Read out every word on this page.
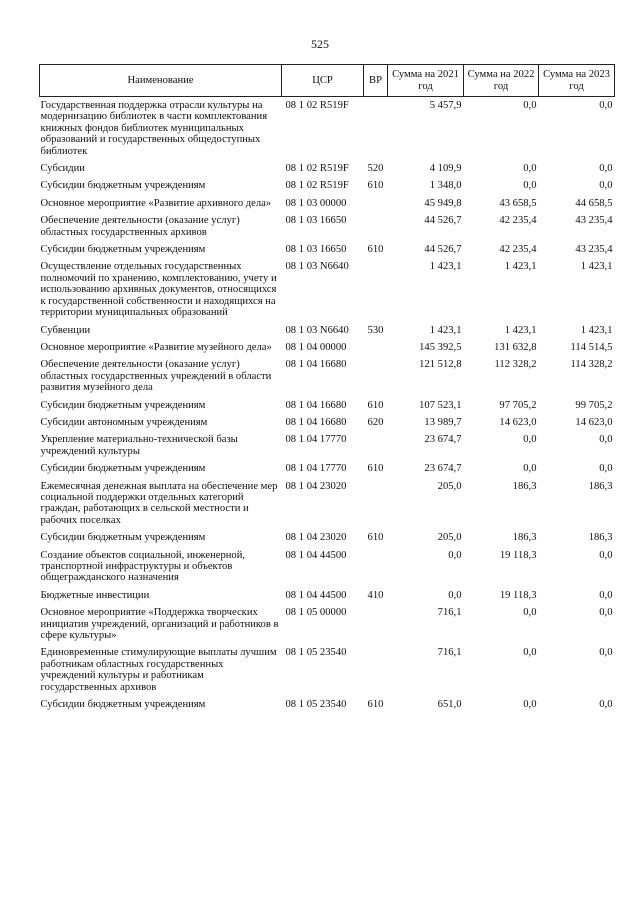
525
Наименование	ЦСР	ВР	Сумма на 2021 год	Сумма на 2022 год	Сумма на 2023 год
Государственная поддержка отрасли культуры на модернизацию библиотек в части комплектования книжных фондов библиотек муниципальных образований и государственных общедоступных библиотек	08 1 02 R519F		5 457,9	0,0	0,0
Субсидии	08 1 02 R519F	520	4 109,9	0,0	0,0
Субсидии бюджетным учреждениям	08 1 02 R519F	610	1 348,0	0,0	0,0
Основное мероприятие «Развитие архивного дела»	08 1 03 00000		45 949,8	43 658,5	44 658,5
Обеспечение деятельности (оказание услуг) областных государственных архивов	08 1 03 16650		44 526,7	42 235,4	43 235,4
Субсидии бюджетным учреждениям	08 1 03 16650	610	44 526,7	42 235,4	43 235,4
Осуществление отдельных государственных полномочий по хранению, комплектованию, учету и использованию архивных документов, относящихся к государственной собственности и находящихся на территории муниципальных образований	08 1 03 N6640		1 423,1	1 423,1	1 423,1
Субвенции	08 1 03 N6640	530	1 423,1	1 423,1	1 423,1
Основное мероприятие «Развитие музейного дела»	08 1 04 00000		145 392,5	131 632,8	114 514,5
Обеспечение деятельности (оказание услуг) областных государственных учреждений в области развития музейного дела	08 1 04 16680		121 512,8	112 328,2	114 328,2
Субсидии бюджетным учреждениям	08 1 04 16680	610	107 523,1	97 705,2	99 705,2
Субсидии автономным учреждениям	08 1 04 16680	620	13 989,7	14 623,0	14 623,0
Укрепление материально-технической базы учреждений культуры	08 1 04 17770		23 674,7	0,0	0,0
Субсидии бюджетным учреждениям	08 1 04 17770	610	23 674,7	0,0	0,0
Ежемесячная денежная выплата на обеспечение мер социальной поддержки отдельных категорий граждан, работающих в сельской местности и рабочих поселках	08 1 04 23020		205,0	186,3	186,3
Субсидии бюджетным учреждениям	08 1 04 23020	610	205,0	186,3	186,3
Создание объектов социальной, инженерной, транспортной инфраструктуры и объектов общегражданского назначения	08 1 04 44500		0,0	19 118,3	0,0
Бюджетные инвестиции	08 1 04 44500	410	0,0	19 118,3	0,0
Основное мероприятие «Поддержка творческих инициатив учреждений, организаций и работников в сфере культуры»	08 1 05 00000		716,1	0,0	0,0
Единовременные стимулирующие выплаты лучшим работникам областных государственных учреждений культуры и работникам государственных архивов	08 1 05 23540		716,1	0,0	0,0
Субсидии бюджетным учреждениям	08 1 05 23540	610	651,0	0,0	0,0
